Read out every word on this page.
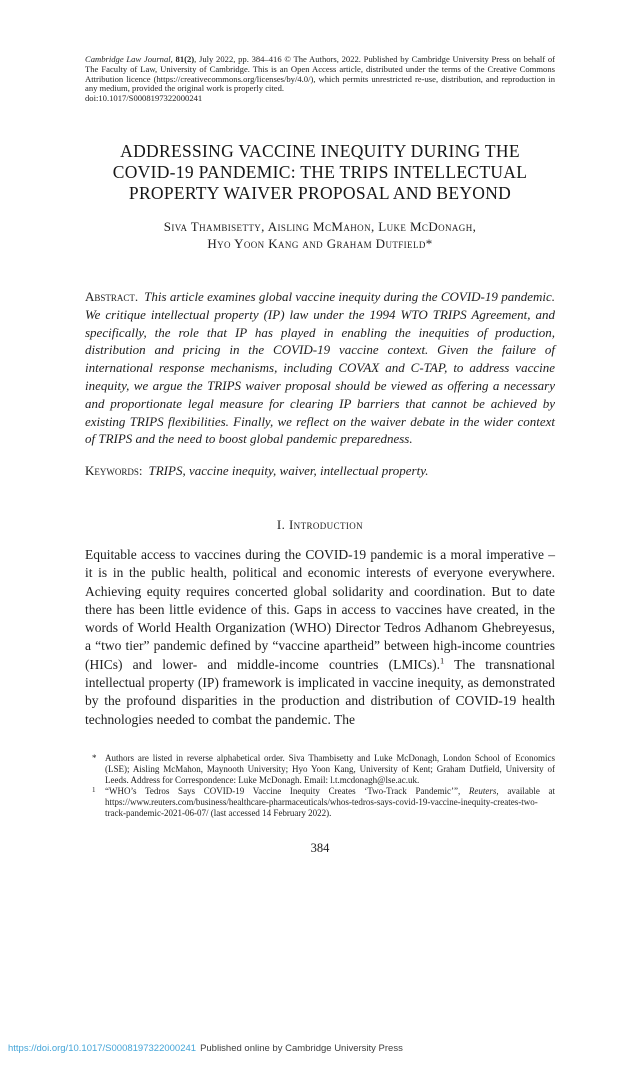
Cambridge Law Journal, 81(2), July 2022, pp. 384–416 © The Authors, 2022. Published by Cambridge University Press on behalf of The Faculty of Law, University of Cambridge. This is an Open Access article, distributed under the terms of the Creative Commons Attribution licence (https://creativecommons.org/licenses/by/4.0/), which permits unrestricted re-use, distribution, and reproduction in any medium, provided the original work is properly cited.
doi:10.1017/S0008197322000241
ADDRESSING VACCINE INEQUITY DURING THE
COVID-19 PANDEMIC: THE TRIPS INTELLECTUAL
PROPERTY WAIVER PROPOSAL AND BEYOND
Siva Thambisetty, Aisling McMahon, Luke McDonagh,
Hyo Yoon Kang and Graham Dutfield*
Abstract. This article examines global vaccine inequity during the COVID-19 pandemic. We critique intellectual property (IP) law under the 1994 WTO TRIPS Agreement, and specifically, the role that IP has played in enabling the inequities of production, distribution and pricing in the COVID-19 vaccine context. Given the failure of international response mechanisms, including COVAX and C-TAP, to address vaccine inequity, we argue the TRIPS waiver proposal should be viewed as offering a necessary and proportionate legal measure for clearing IP barriers that cannot be achieved by existing TRIPS flexibilities. Finally, we reflect on the waiver debate in the wider context of TRIPS and the need to boost global pandemic preparedness.
Keywords: TRIPS, vaccine inequity, waiver, intellectual property.
I. Introduction
Equitable access to vaccines during the COVID-19 pandemic is a moral imperative – it is in the public health, political and economic interests of everyone everywhere. Achieving equity requires concerted global solidarity and coordination. But to date there has been little evidence of this. Gaps in access to vaccines have created, in the words of World Health Organization (WHO) Director Tedros Adhanom Ghebreyesus, a “two tier” pandemic defined by “vaccine apartheid” between high-income countries (HICs) and lower- and middle-income countries (LMICs).$^1$ The transnational intellectual property (IP) framework is implicated in vaccine inequity, as demonstrated by the profound disparities in the production and distribution of COVID-19 health technologies needed to combat the pandemic. The
* Authors are listed in reverse alphabetical order. Siva Thambisetty and Luke McDonagh, London School of Economics (LSE); Aisling McMahon, Maynooth University; Hyo Yoon Kang, University of Kent; Graham Dutfield, University of Leeds. Address for Correspondence: Luke McDonagh. Email: l.t.mcdonagh@lse.ac.uk.
1 “WHO’s Tedros Says COVID-19 Vaccine Inequity Creates ‘Two-Track Pandemic’”, Reuters, available at https://www.reuters.com/business/healthcare-pharmaceuticals/whos-tedros-says-covid-19-vaccine-inequity-creates-two-track-pandemic-2021-06-07/ (last accessed 14 February 2022).
384
https://doi.org/10.1017/S0008197322000241 Published online by Cambridge University Press
